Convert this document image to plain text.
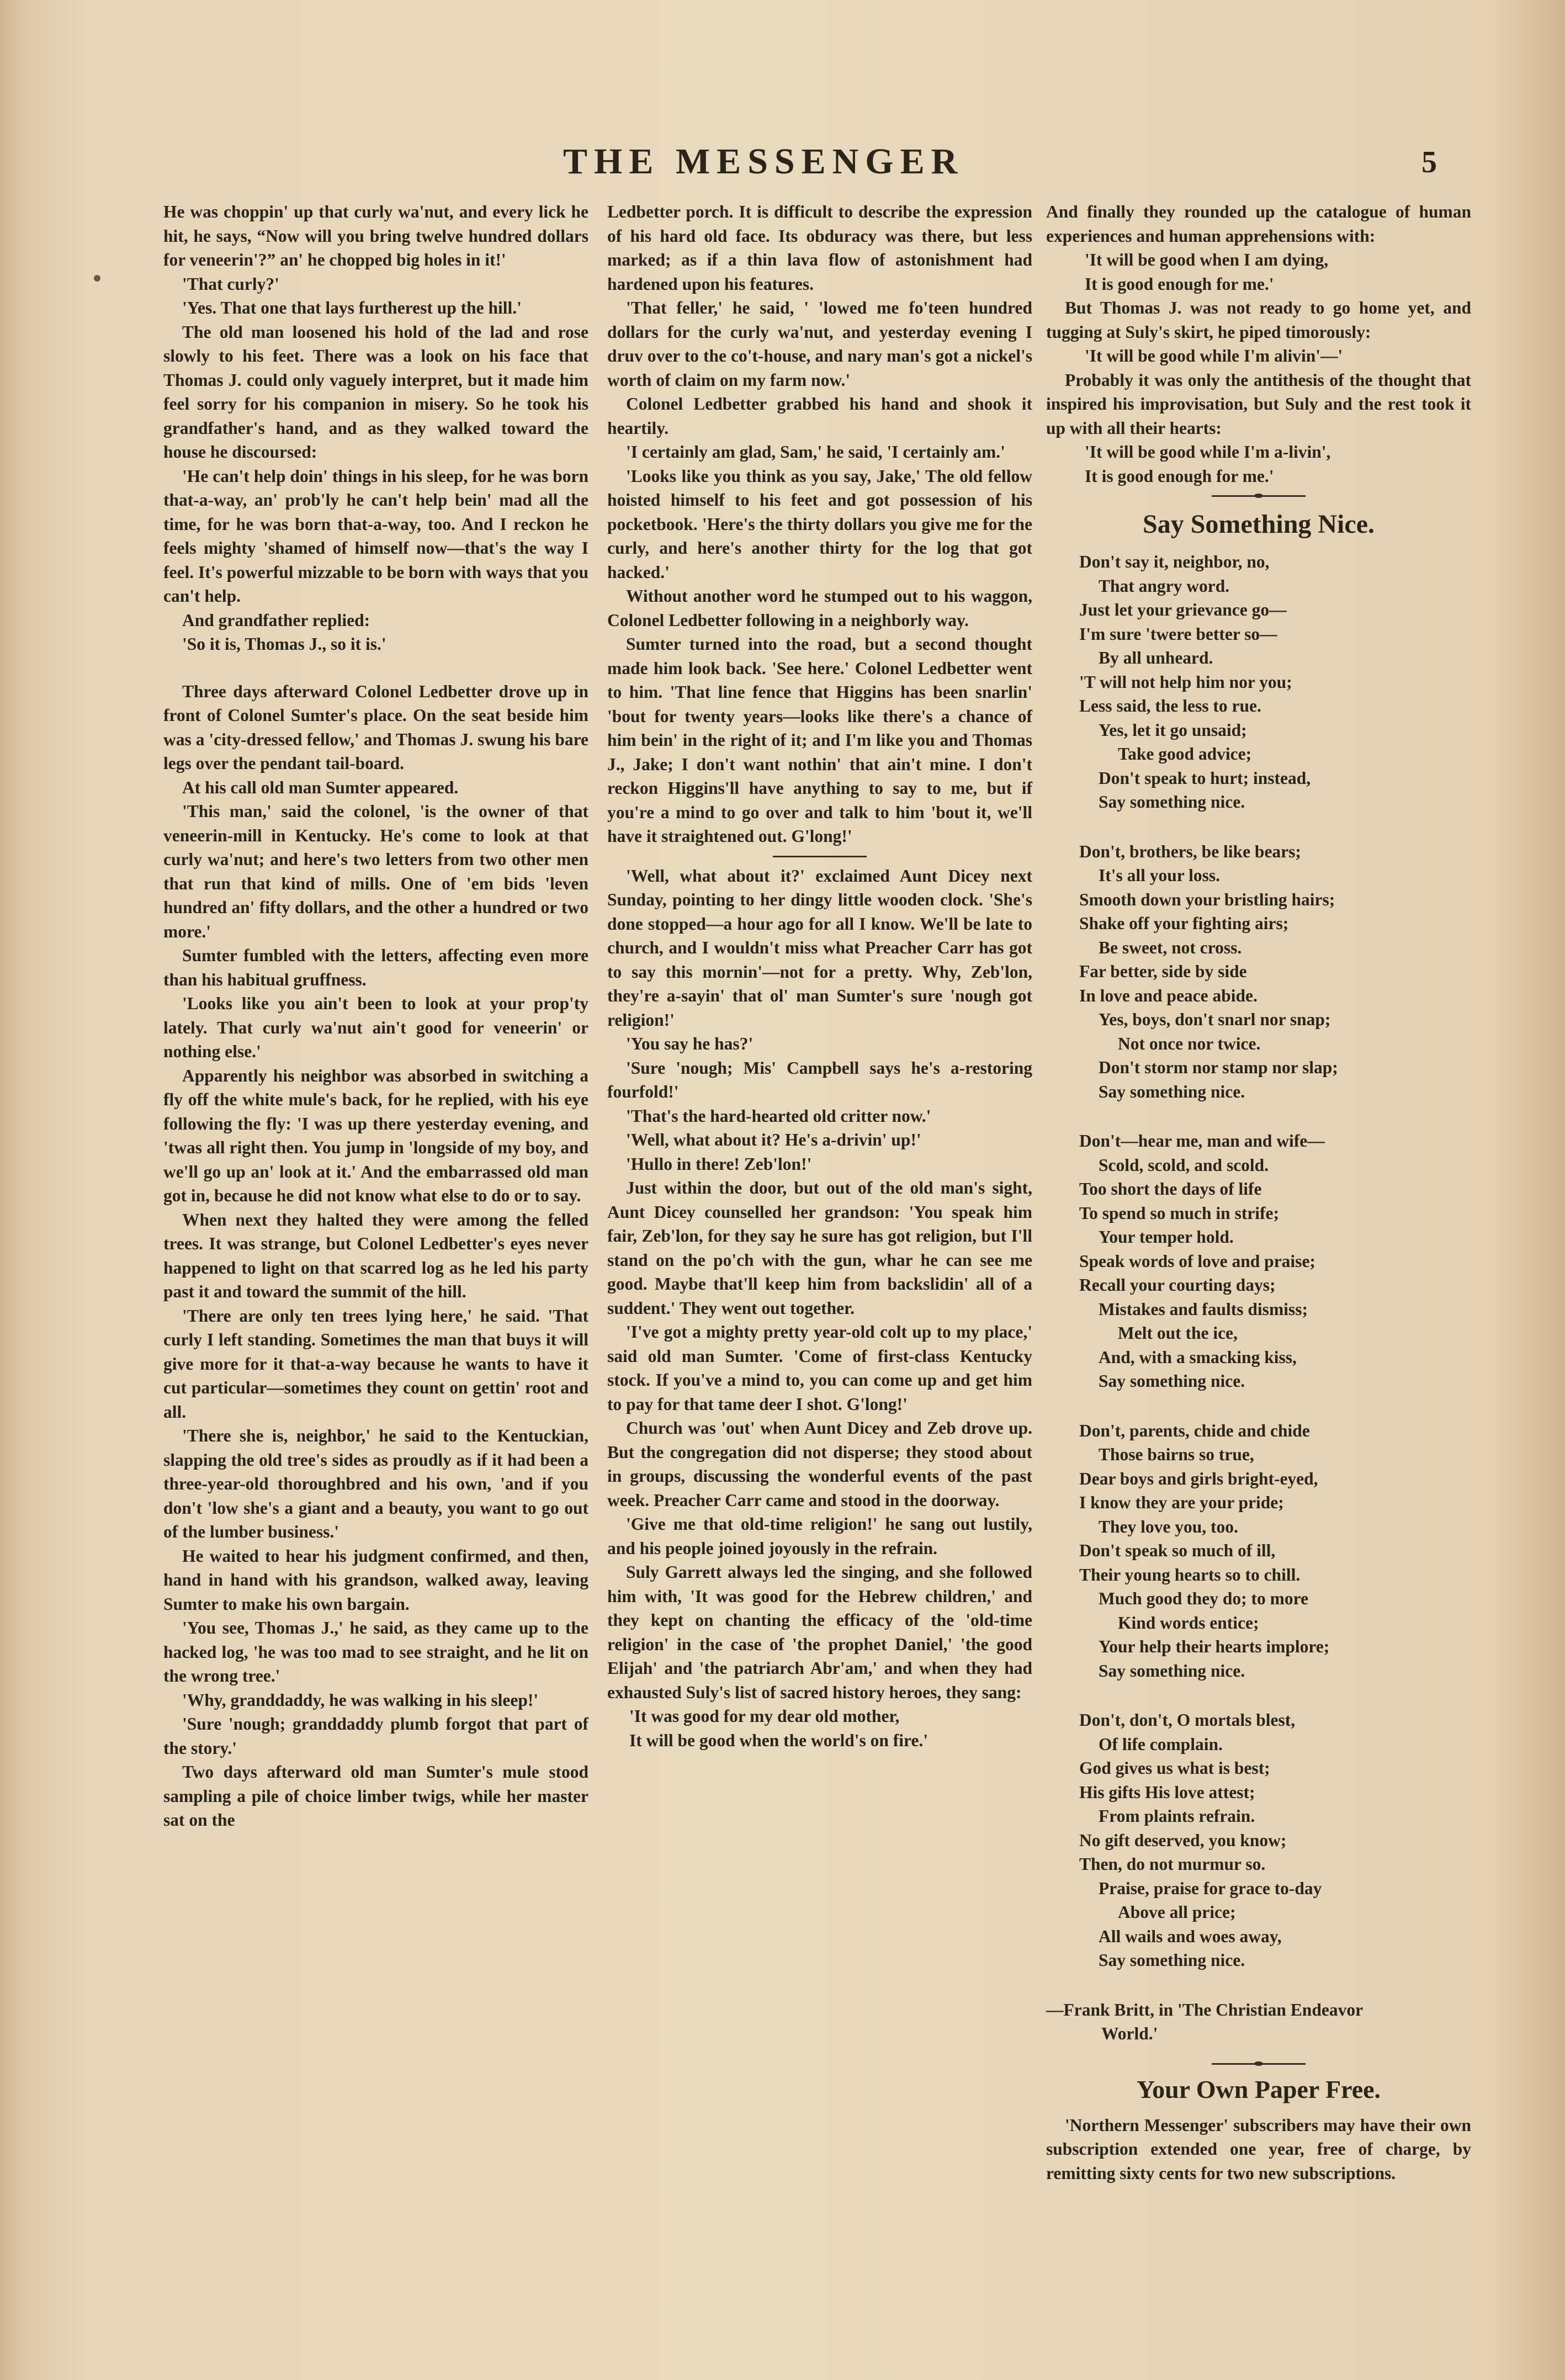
THE MESSENGER	5

He was choppin' up that curly wa'nut, and every lick he hit, he says, “Now will you bring twelve hundred dollars for veneerin'?” an' he chopped big holes in it!'

'That curly?'

'Yes. That one that lays furtherest up the hill.'

The old man loosened his hold of the lad and rose slowly to his feet. There was a look on his face that Thomas J. could only vaguely interpret, but it made him feel sorry for his companion in misery. So he took his grandfather's hand, and as they walked toward the house he discoursed:

'He can't help doin' things in his sleep, for he was born that-a-way, an' prob'ly he can't help bein' mad all the time, for he was born that-a-way, too. And I reckon he feels mighty 'shamed of himself now—that's the way I feel. It's powerful mizzable to be born with ways that you can't help.

And grandfather replied:

'So it is, Thomas J., so it is.'

Three days afterward Colonel Ledbetter drove up in front of Colonel Sumter's place. On the seat beside him was a 'city-dressed fellow,' and Thomas J. swung his bare legs over the pendant tail-board.

At his call old man Sumter appeared.

'This man,' said the colonel, 'is the owner of that veneerin-mill in Kentucky. He's come to look at that curly wa'nut; and here's two letters from two other men that run that kind of mills. One of 'em bids 'leven hundred an' fifty dollars, and the other a hundred or two more.'

Sumter fumbled with the letters, affecting even more than his habitual gruffness.

'Looks like you ain't been to look at your prop'ty lately. That curly wa'nut ain't good for veneerin' or nothing else.'

Apparently his neighbor was absorbed in switching a fly off the white mule's back, for he replied, with his eye following the fly: 'I was up there yesterday evening, and 'twas all right then. You jump in 'longside of my boy, and we'll go up an' look at it.' And the embarrassed old man got in, because he did not know what else to do or to say.

When next they halted they were among the felled trees. It was strange, but Colonel Ledbetter's eyes never happened to light on that scarred log as he led his party past it and toward the summit of the hill.

'There are only ten trees lying here,' he said. 'That curly I left standing. Sometimes the man that buys it will give more for it that-a-way because he wants to have it cut particular—sometimes they count on gettin' root and all.

'There she is, neighbor,' he said to the Kentuckian, slapping the old tree's sides as proudly as if it had been a three-year-old thoroughbred and his own, 'and if you don't 'low she's a giant and a beauty, you want to go out of the lumber business.'

He waited to hear his judgment confirmed, and then, hand in hand with his grandson, walked away, leaving Sumter to make his own bargain.

'You see, Thomas J.,' he said, as they came up to the hacked log, 'he was too mad to see straight, and he lit on the wrong tree.'

'Why, granddaddy, he was walking in his sleep!'

'Sure 'nough; granddaddy plumb forgot that part of the story.'

Two days afterward old man Sumter's mule stood sampling a pile of choice limber twigs, while her master sat on the

Ledbetter porch. It is difficult to describe the expression of his hard old face. Its obduracy was there, but less marked; as if a thin lava flow of astonishment had hardened upon his features.

'That feller,' he said, ' 'lowed me fo'teen hundred dollars for the curly wa'nut, and yesterday evening I druv over to the co't-house, and nary man's got a nickel's worth of claim on my farm now.'

Colonel Ledbetter grabbed his hand and shook it heartily.

'I certainly am glad, Sam,' he said, 'I certainly am.'

'Looks like you think as you say, Jake,' The old fellow hoisted himself to his feet and got possession of his pocketbook. 'Here's the thirty dollars you give me for the curly, and here's another thirty for the log that got hacked.'

Without another word he stumped out to his waggon, Colonel Ledbetter following in a neighborly way.

Sumter turned into the road, but a second thought made him look back. 'See here.' Colonel Ledbetter went to him. 'That line fence that Higgins has been snarlin' 'bout for twenty years—looks like there's a chance of him bein' in the right of it; and I'm like you and Thomas J., Jake; I don't want nothin' that ain't mine. I don't reckon Higgins'll have anything to say to me, but if you're a mind to go over and talk to him 'bout it, we'll have it straightened out. G'long!'

'Well, what about it?' exclaimed Aunt Dicey next Sunday, pointing to her dingy little wooden clock. 'She's done stopped—a hour ago for all I know. We'll be late to church, and I wouldn't miss what Preacher Carr has got to say this mornin'—not for a pretty. Why, Zeb'lon, they're a-sayin' that ol' man Sumter's sure 'nough got religion!'

'You say he has?'

'Sure 'nough; Mis' Campbell says he's a-restoring fourfold!'

'That's the hard-hearted old critter now.'

'Well, what about it? He's a-drivin' up!'

'Hullo in there! Zeb'lon!'

Just within the door, but out of the old man's sight, Aunt Dicey counselled her grandson: 'You speak him fair, Zeb'lon, for they say he sure has got religion, but I'll stand on the po'ch with the gun, whar he can see me good. Maybe that'll keep him from backslidin' all of a suddent.' They went out together.

'I've got a mighty pretty year-old colt up to my place,' said old man Sumter. 'Come of first-class Kentucky stock. If you've a mind to, you can come up and get him to pay for that tame deer I shot. G'long!'

Church was 'out' when Aunt Dicey and Zeb drove up. But the congregation did not disperse; they stood about in groups, discussing the wonderful events of the past week. Preacher Carr came and stood in the doorway.

'Give me that old-time religion!' he sang out lustily, and his people joined joyously in the refrain.

Suly Garrett always led the singing, and she followed him with, 'It was good for the Hebrew children,' and they kept on chanting the efficacy of the 'old-time religion' in the case of 'the prophet Daniel,' 'the good Elijah' and 'the patriarch Abr'am,' and when they had exhausted Suly's list of sacred history heroes, they sang:

'It was good for my dear old mother,

It will be good when the world's on fire.'

And finally they rounded up the catalogue of human experiences and human apprehensions with:

'It will be good when I am dying,

It is good enough for me.'

But Thomas J. was not ready to go home yet, and tugging at Suly's skirt, he piped timorously:

'It will be good while I'm alivin'—'

Probably it was only the antithesis of the thought that inspired his improvisation, but Suly and the rest took it up with all their hearts:

'It will be good while I'm a-livin',

It is good enough for me.'

Say Something Nice.
Don't say it, neighbor, no,
That angry word.
Just let your grievance go—
I'm sure 'twere better so—
By all unheard.
'T will not help him nor you;
Less said, the less to rue.
Yes, let it go unsaid;
Take good advice;
Don't speak to hurt; instead,
Say something nice.
Don't, brothers, be like bears;
It's all your loss.
Smooth down your bristling hairs;
Shake off your fighting airs;
Be sweet, not cross.
Far better, side by side
In love and peace abide.
Yes, boys, don't snarl nor snap;
Not once nor twice.
Don't storm nor stamp nor slap;
Say something nice.
Don't—hear me, man and wife—
Scold, scold, and scold.
Too short the days of life
To spend so much in strife;
Your temper hold.
Speak words of love and praise;
Recall your courting days;
Mistakes and faults dismiss;
Melt out the ice,
And, with a smacking kiss,
Say something nice.
Don't, parents, chide and chide
Those bairns so true,
Dear boys and girls bright-eyed,
I know they are your pride;
They love you, too.
Don't speak so much of ill,
Their young hearts so to chill.
Much good they do; to more
Kind words entice;
Your help their hearts implore;
Say something nice.
Don't, don't, O mortals blest,
Of life complain.
God gives us what is best;
His gifts His love attest;
From plaints refrain.
No gift deserved, you know;
Then, do not murmur so.
Praise, praise for grace to-day
Above all price;
All wails and woes away,
Say something nice.
—Frank Britt, in 'The Christian Endeavor
World.'
Your Own Paper Free.

'Northern Messenger' subscribers may have their own subscription extended one year, free of charge, by remitting sixty cents for two new subscriptions.
